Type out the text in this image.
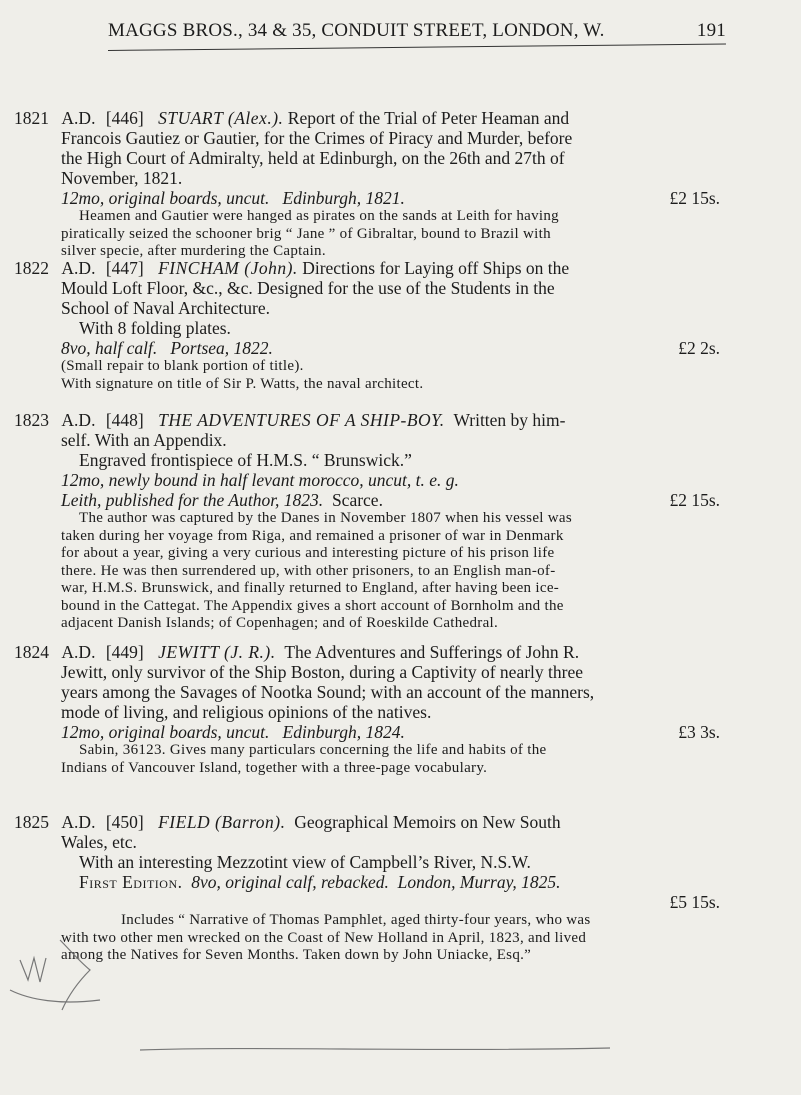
MAGGS BROS., 34 & 35, CONDUIT STREET, LONDON, W.	191

1821 A.D. [446] STUART (Alex.). Report of the Trial of Peter Heaman and

Francois Gautiez or Gautier, for the Crimes of Piracy and Murder, before

the High Court of Admiralty, held at Edinburgh, on the 26th and 27th of

November, 1821.

12mo, original boards, uncut. Edinburgh, 1821.	£2 15s.

Heamen and Gautier were hanged as pirates on the sands at Leith for having
piratically seized the schooner brig “ Jane ” of Gibraltar, bound to Brazil with
silver specie, after murdering the Captain.

1822 A.D. [447] FINCHAM (John). Directions for Laying off Ships on the

Mould Loft Floor, &c., &c. Designed for the use of the Students in the

School of Naval Architecture.

With 8 folding plates.

8vo, half calf. Portsea, 1822.	£2 2s.

(Small repair to blank portion of title).
With signature on title of Sir P. Watts, the naval architect.

1823 A.D. [448] THE ADVENTURES OF A SHIP-BOY. Written by him-

self. With an Appendix.

Engraved frontispiece of H.M.S. “ Brunswick.”

12mo, newly bound in half levant morocco, uncut, t. e. g.

Leith, published for the Author, 1823. Scarce.	£2 15s.

The author was captured by the Danes in November 1807 when his vessel was
taken during her voyage from Riga, and remained a prisoner of war in Denmark
for about a year, giving a very curious and interesting picture of his prison life
there. He was then surrendered up, with other prisoners, to an English man-of-
war, H.M.S. Brunswick, and finally returned to England, after having been ice-
bound in the Cattegat. The Appendix gives a short account of Bornholm and the
adjacent Danish Islands; of Copenhagen; and of Roeskilde Cathedral.

1824 A.D. [449] JEWITT (J. R.). The Adventures and Sufferings of John R.

Jewitt, only survivor of the Ship Boston, during a Captivity of nearly three

years among the Savages of Nootka Sound; with an account of the manners,

mode of living, and religious opinions of the natives.

12mo, original boards, uncut. Edinburgh, 1824.	£3 3s.

Sabin, 36123. Gives many particulars concerning the life and habits of the
Indians of Vancouver Island, together with a three-page vocabulary.

1825 A.D. [450] FIELD (Barron). Geographical Memoirs on New South

Wales, etc.

With an interesting Mezzotint view of Campbell’s River, N.S.W.

First Edition. 8vo, original calf, rebacked. London, Murray, 1825.

£5 15s.

Includes “ Narrative of Thomas Pamphlet, aged thirty-four years, who was
with two other men wrecked on the Coast of New Holland in April, 1823, and lived
among the Natives for Seven Months. Taken down by John Uniacke, Esq.”
